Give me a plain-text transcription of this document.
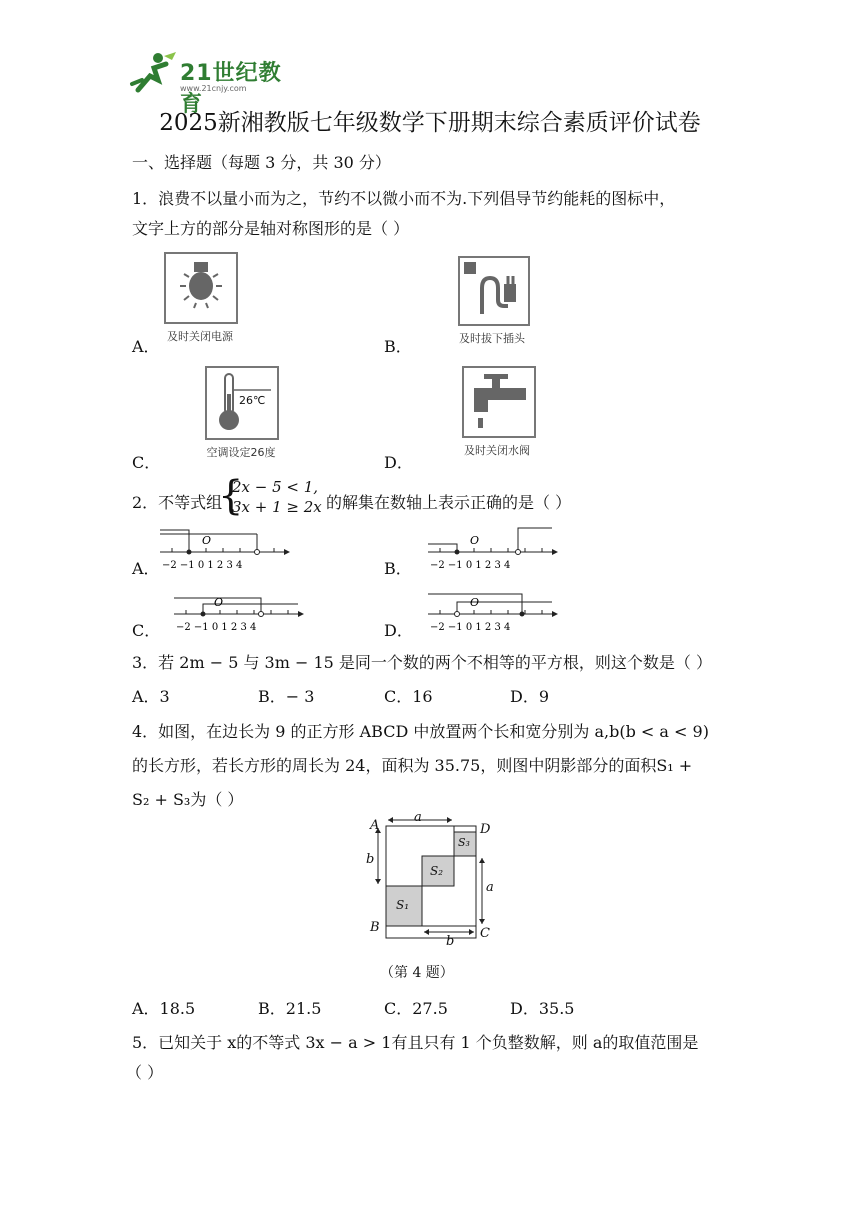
21世纪教育
www.21cnjy.com
2025新湘教版七年级数学下册期末综合素质评价试卷
一、选择题（每题 3 分，共 30 分）
1．浪费不以量小而为之，节约不以微小而不为.下列倡导节约能耗的图标中，
文字上方的部分是轴对称图形的是（ ）
A．
及时关闭电源
B．	及时拔下插头
C．
26℃
空调设定26度
D．
及时关闭水阀
2．不等式组
{
2x − 5 < 1,
3x + 1 ≥ 2x 的解集在数轴上表示正确的是（ ）
A．
O
−2 −1 0 1 2 3 4	B．
O
−2 −1 0 1 2 3 4
C．
O
−2 −1 0 1 2 3 4	D．
O
−2 −1 0 1 2 3 4
3．若 2m − 5 与 3m − 15 是同一个数的两个不相等的平方根，则这个数是（ ）
A．3	B．− 3	C．16	D．9
4．如图，在边长为 9 的正方形 ABCD 中放置两个长和宽分别为 a,b(b < a < 9)
的长方形，若长方形的周长为 24，面积为 35.75，则图中阴影部分的面积S₁ +
S₂ + S₃为（ ）
A	D
B	C
a
b
a
b
S₁
S₂
S₃
（第 4 题）
A．18.5	B．21.5	C．27.5	D．35.5
5．已知关于 x的不等式 3x − a > 1有且只有 1 个负整数解，则 a的取值范围是
（ ）
